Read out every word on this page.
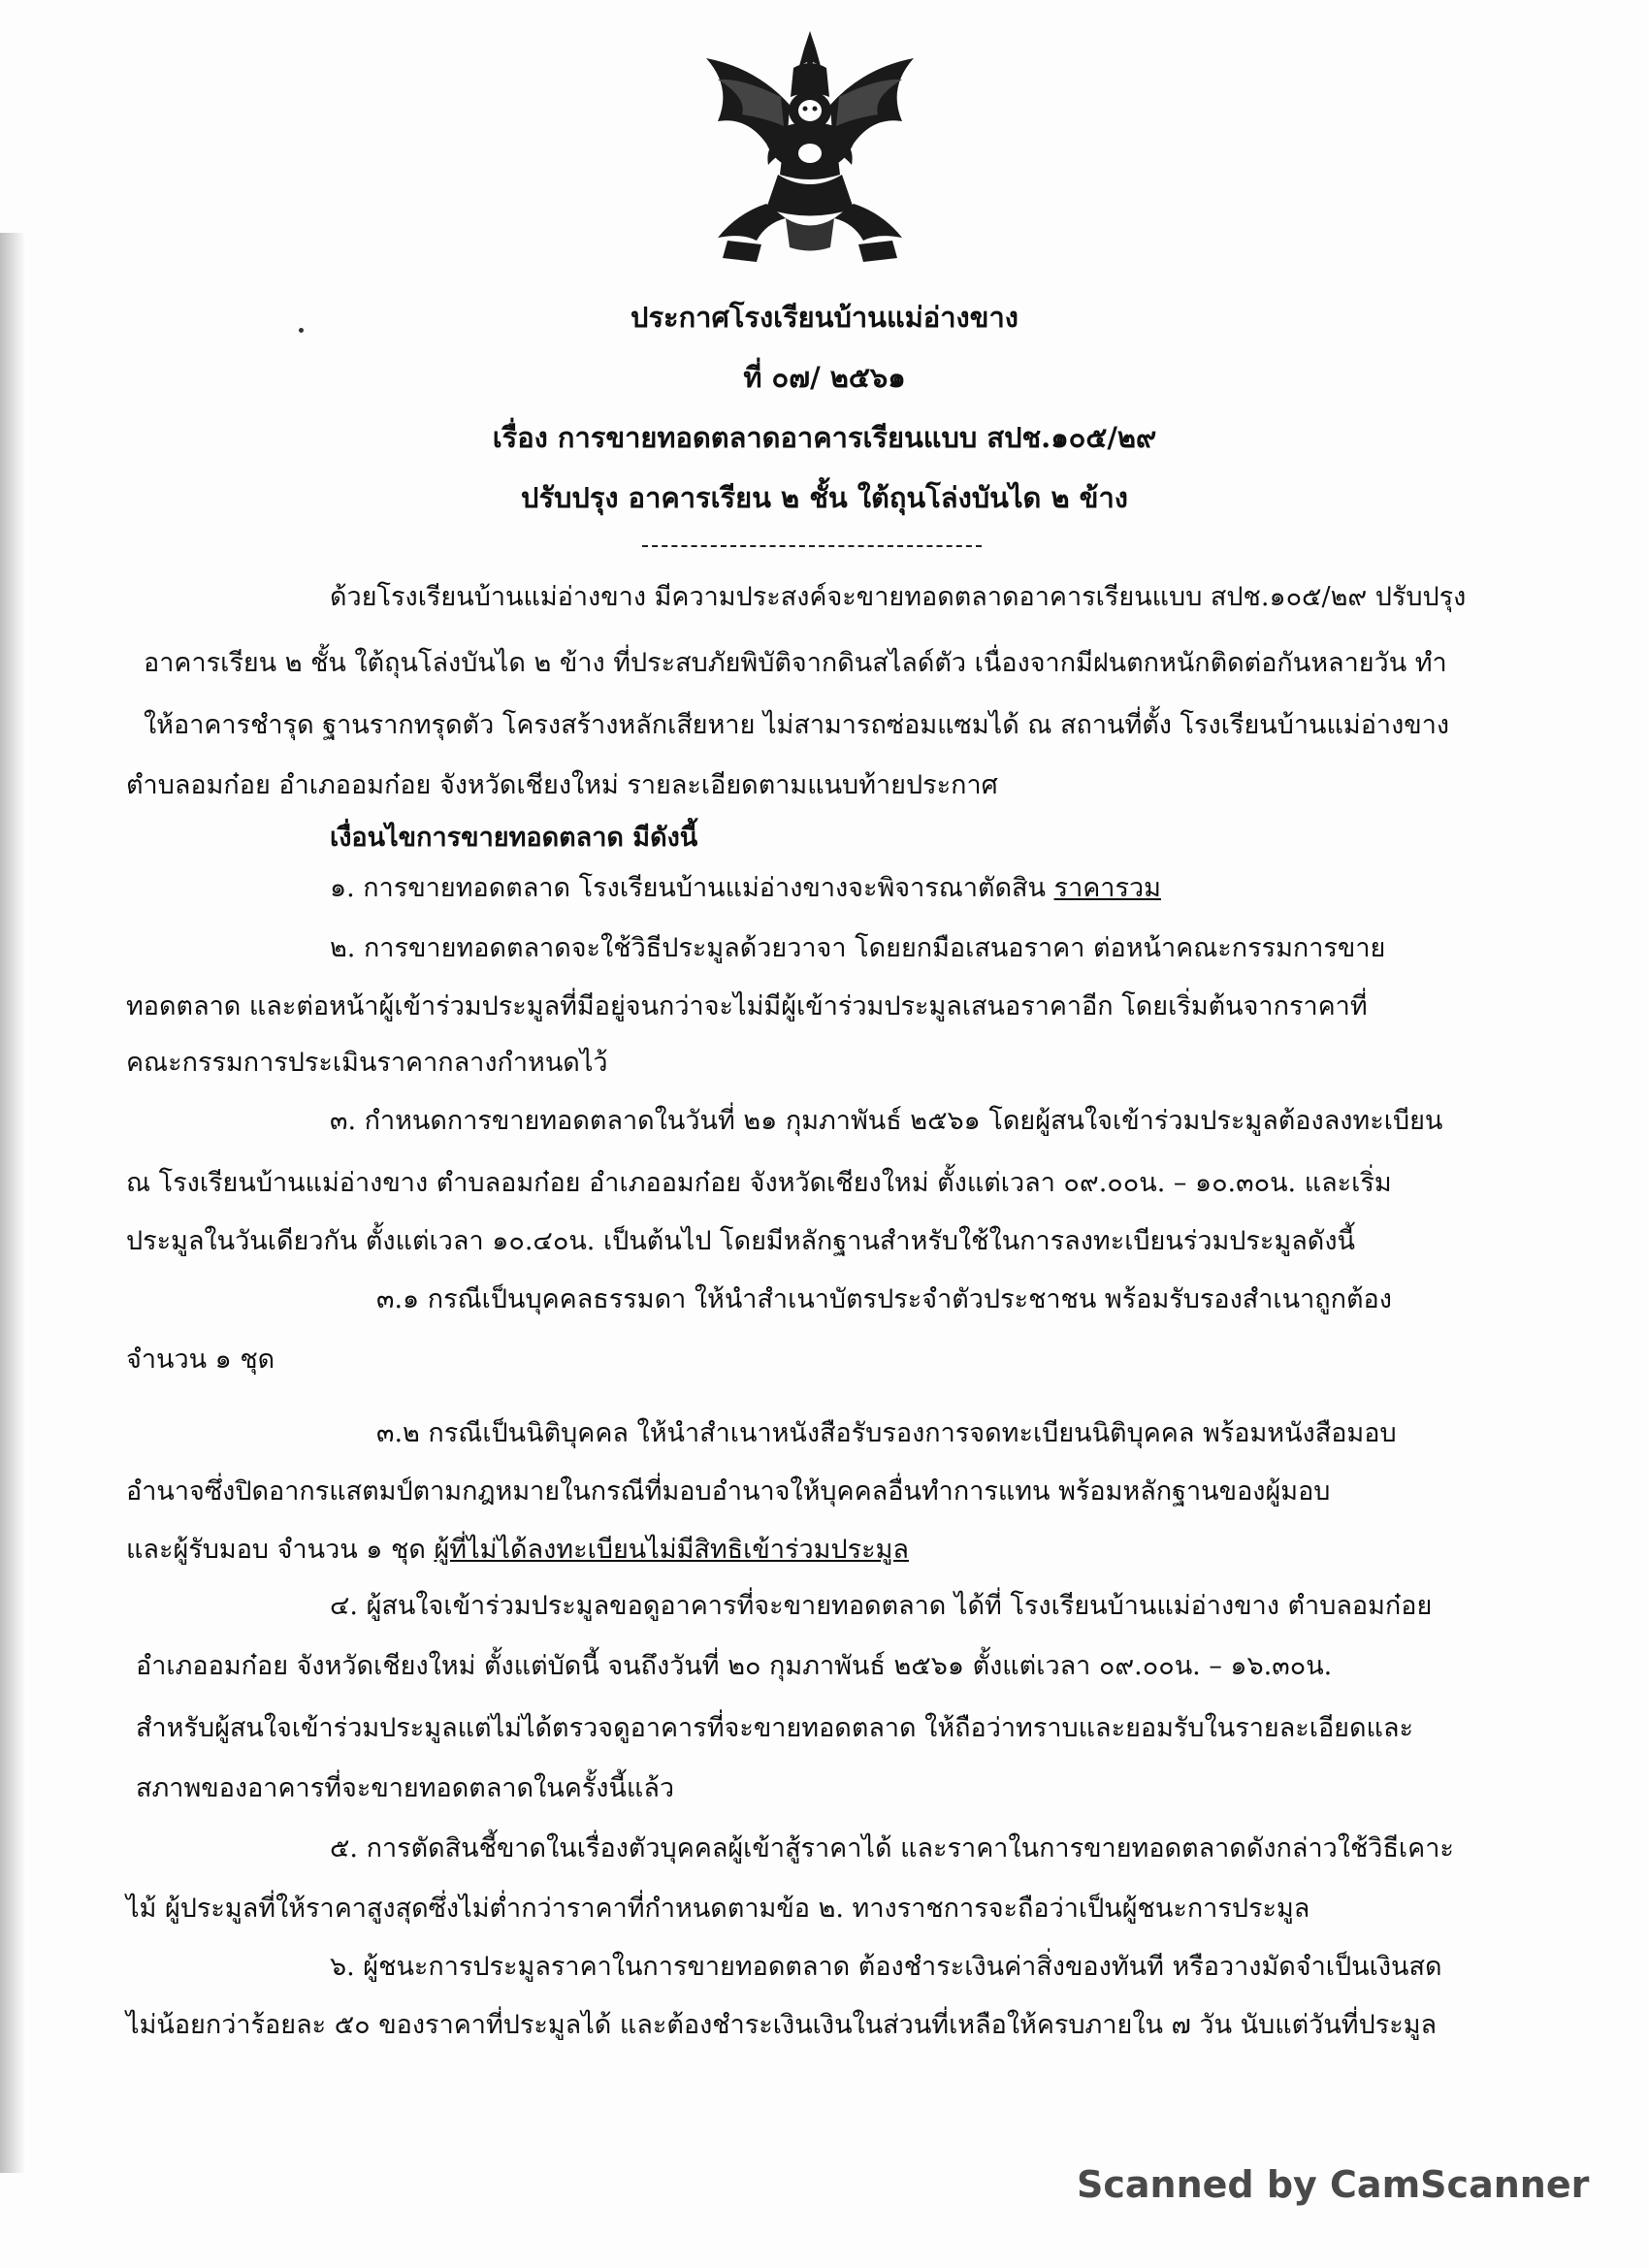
ประกาศโรงเรียนบ้านแม่อ่างขาง
ที่ ๐๗/ ๒๕๖๑
เรื่อง การขายทอดตลาดอาคารเรียนแบบ สปช.๑๐๕/๒๙
ปรับปรุง อาคารเรียน ๒ ชั้น ใต้ถุนโล่งบันได ๒ ข้าง
ด้วยโรงเรียนบ้านแม่อ่างขาง มีความประสงค์จะขายทอดตลาดอาคารเรียนแบบ สปช.๑๐๕/๒๙ ปรับปรุง
อาคารเรียน ๒ ชั้น ใต้ถุนโล่งบันได ๒ ข้าง ที่ประสบภัยพิบัติจากดินสไลด์ตัว เนื่องจากมีฝนตกหนักติดต่อกันหลายวัน ทำ
ให้อาคารชำรุด ฐานรากทรุดตัว โครงสร้างหลักเสียหาย ไม่สามารถซ่อมแซมได้ ณ สถานที่ตั้ง โรงเรียนบ้านแม่อ่างขาง
ตำบลอมก๋อย อำเภออมก๋อย จังหวัดเชียงใหม่ รายละเอียดตามแนบท้ายประกาศ
เงื่อนไขการขายทอดตลาด มีดังนี้
๑. การขายทอดตลาด โรงเรียนบ้านแม่อ่างขางจะพิจารณาตัดสิน ราคารวม
๒. การขายทอดตลาดจะใช้วิธีประมูลด้วยวาจา โดยยกมือเสนอราคา ต่อหน้าคณะกรรมการขาย
ทอดตลาด และต่อหน้าผู้เข้าร่วมประมูลที่มีอยู่จนกว่าจะไม่มีผู้เข้าร่วมประมูลเสนอราคาอีก โดยเริ่มต้นจากราคาที่
คณะกรรมการประเมินราคากลางกำหนดไว้
๓. กำหนดการขายทอดตลาดในวันที่ ๒๑ กุมภาพันธ์ ๒๕๖๑ โดยผู้สนใจเข้าร่วมประมูลต้องลงทะเบียน
ณ โรงเรียนบ้านแม่อ่างขาง ตำบลอมก๋อย อำเภออมก๋อย จังหวัดเชียงใหม่ ตั้งแต่เวลา ๐๙.๐๐น. – ๑๐.๓๐น. และเริ่ม
ประมูลในวันเดียวกัน ตั้งแต่เวลา ๑๐.๔๐น. เป็นต้นไป โดยมีหลักฐานสำหรับใช้ในการลงทะเบียนร่วมประมูลดังนี้
๓.๑ กรณีเป็นบุคคลธรรมดา ให้นำสำเนาบัตรประจำตัวประชาชน พร้อมรับรองสำเนาถูกต้อง
จำนวน ๑ ชุด
๓.๒ กรณีเป็นนิติบุคคล ให้นำสำเนาหนังสือรับรองการจดทะเบียนนิติบุคคล พร้อมหนังสือมอบ
อำนาจซึ่งปิดอากรแสตมป์ตามกฎหมายในกรณีที่มอบอำนาจให้บุคคลอื่นทำการแทน พร้อมหลักฐานของผู้มอบ
และผู้รับมอบ จำนวน ๑ ชุด ผู้ที่ไม่ได้ลงทะเบียนไม่มีสิทธิเข้าร่วมประมูล
๔. ผู้สนใจเข้าร่วมประมูลขอดูอาคารที่จะขายทอดตลาด ได้ที่ โรงเรียนบ้านแม่อ่างขาง ตำบลอมก๋อย
อำเภออมก๋อย จังหวัดเชียงใหม่ ตั้งแต่บัดนี้ จนถึงวันที่ ๒๐ กุมภาพันธ์ ๒๕๖๑ ตั้งแต่เวลา ๐๙.๐๐น. – ๑๖.๓๐น.
สำหรับผู้สนใจเข้าร่วมประมูลแต่ไม่ได้ตรวจดูอาคารที่จะขายทอดตลาด ให้ถือว่าทราบและยอมรับในรายละเอียดและ
สภาพของอาคารที่จะขายทอดตลาดในครั้งนี้แล้ว
๕. การตัดสินชี้ขาดในเรื่องตัวบุคคลผู้เข้าสู้ราคาได้ และราคาในการขายทอดตลาดดังกล่าวใช้วิธีเคาะ
ไม้ ผู้ประมูลที่ให้ราคาสูงสุดซึ่งไม่ต่ำกว่าราคาที่กำหนดตามข้อ ๒. ทางราชการจะถือว่าเป็นผู้ชนะการประมูล
๖. ผู้ชนะการประมูลราคาในการขายทอดตลาด ต้องชำระเงินค่าสิ่งของทันที หรือวางมัดจำเป็นเงินสด
ไม่น้อยกว่าร้อยละ ๕๐ ของราคาที่ประมูลได้ และต้องชำระเงินเงินในส่วนที่เหลือให้ครบภายใน ๗ วัน นับแต่วันที่ประมูล
Scanned by CamScanner
